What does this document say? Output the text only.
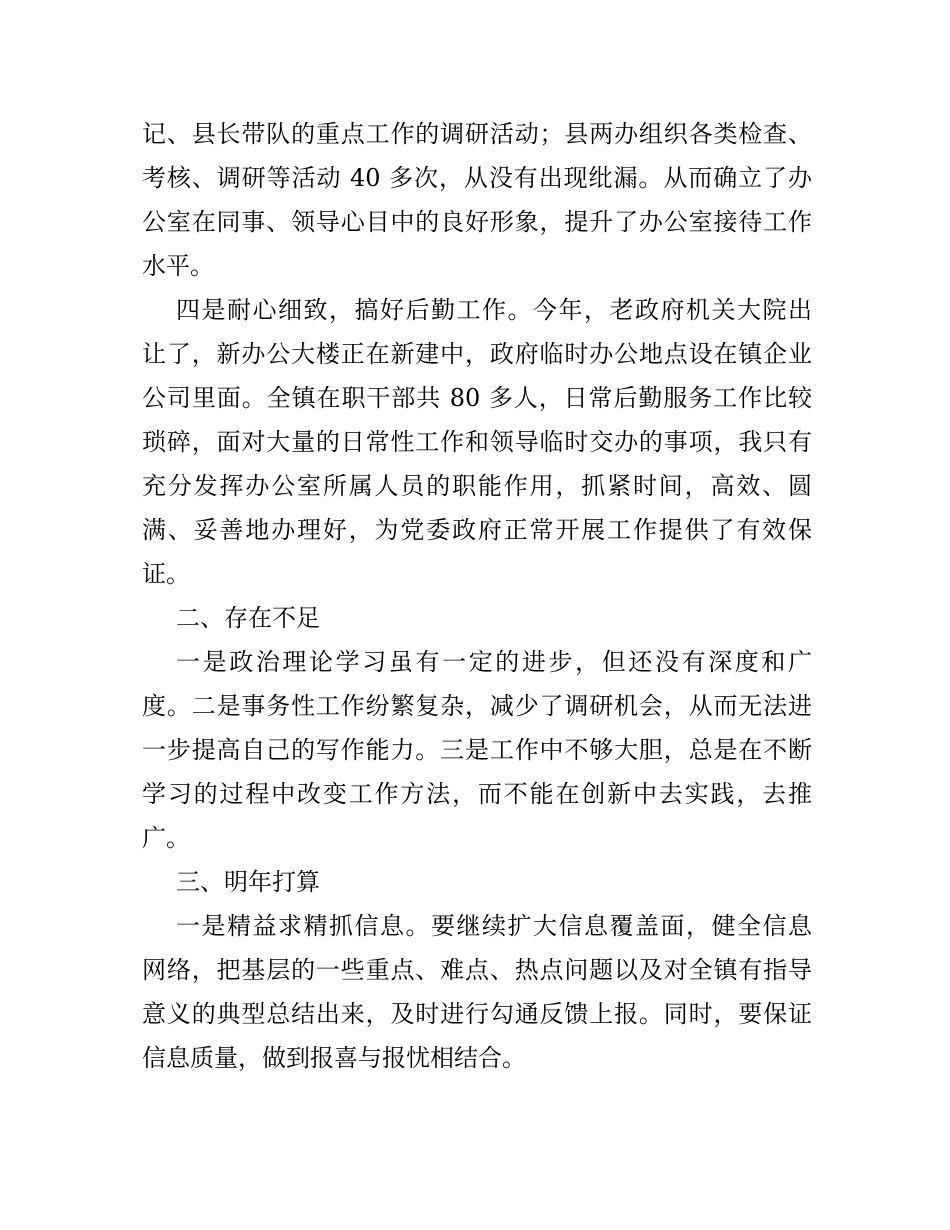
记、县长带队的重点工作的调研活动；县两办组织各类检查、
考核、调研等活动 40 多次，从没有出现纰漏。从而确立了办
公室在同事、领导心目中的良好形象，提升了办公室接待工作
水平。
四是耐心细致，搞好后勤工作。今年，老政府机关大院出
让了，新办公大楼正在新建中，政府临时办公地点设在镇企业
公司里面。全镇在职干部共 80 多人，日常后勤服务工作比较
琐碎，面对大量的日常性工作和领导临时交办的事项，我只有
充分发挥办公室所属人员的职能作用，抓紧时间，高效、圆
满、妥善地办理好，为党委政府正常开展工作提供了有效保
证。
二、存在不足
一是政治理论学习虽有一定的进步，但还没有深度和广
度。二是事务性工作纷繁复杂，减少了调研机会，从而无法进
一步提高自己的写作能力。三是工作中不够大胆，总是在不断
学习的过程中改变工作方法，而不能在创新中去实践，去推
广。
三、明年打算
一是精益求精抓信息。要继续扩大信息覆盖面，健全信息
网络，把基层的一些重点、难点、热点问题以及对全镇有指导
意义的典型总结出来，及时进行勾通反馈上报。同时，要保证
信息质量，做到报喜与报忧相结合。
